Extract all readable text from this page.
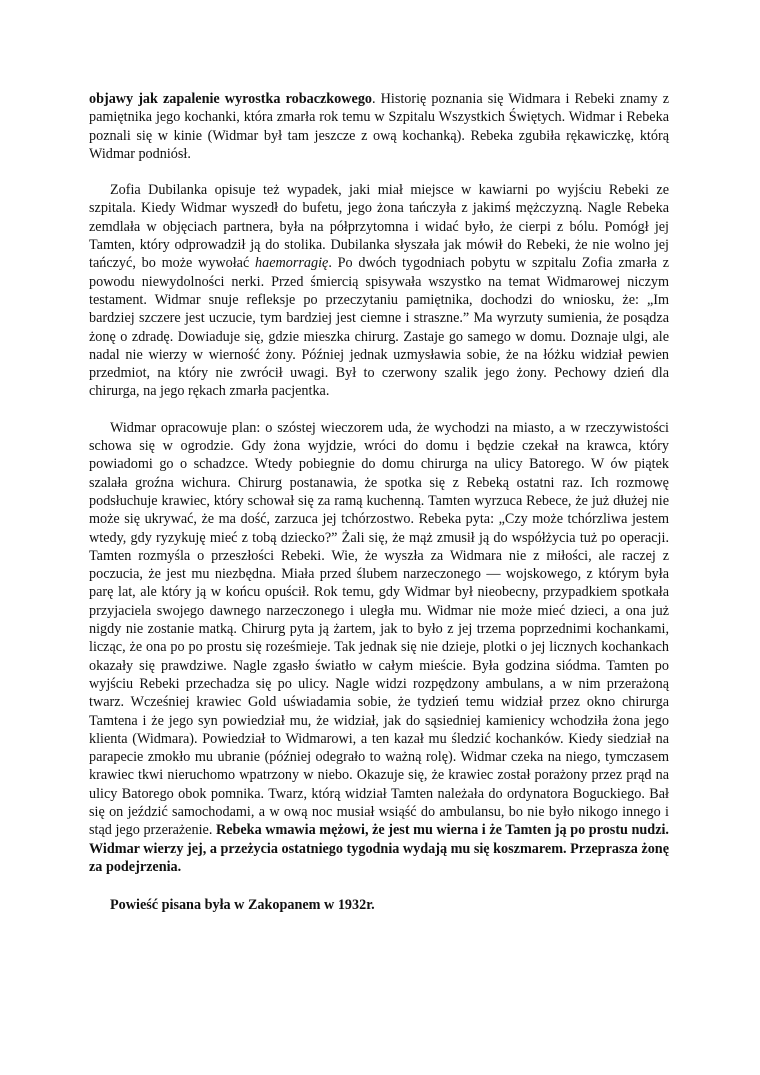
objawy jak zapalenie wyrostka robaczkowego. Historię poznania się Widmara i Rebeki znamy z pamiętnika jego kochanki, która zmarła rok temu w Szpitalu Wszystkich Świętych. Widmar i Rebeka poznali się w kinie (Widmar był tam jeszcze z ową kochanką). Rebeka zgubiła rękawiczkę, którą Widmar podniósł.

Zofia Dubilanka opisuje też wypadek, jaki miał miejsce w kawiarni po wyjściu Rebeki ze szpitala. Kiedy Widmar wyszedł do bufetu, jego żona tańczyła z jakimś mężczyzną. Nagle Rebeka zemdlała w objęciach partnera, była na półprzytomna i widać było, że cierpi z bólu. Pomógł jej Tamten, który odprowadził ją do stolika. Dubilanka słyszała jak mówił do Rebeki, że nie wolno jej tańczyć, bo może wywołać haemorragię. Po dwóch tygodniach pobytu w szpitalu Zofia zmarła z powodu niewydolności nerki. Przed śmiercią spisywała wszystko na temat Widmarowej niczym testament. Widmar snuje refleksje po przeczytaniu pamiętnika, dochodzi do wniosku, że: „Im bardziej szczere jest uczucie, tym bardziej jest ciemne i straszne.” Ma wyrzuty sumienia, że posądza żonę o zdradę. Dowiaduje się, gdzie mieszka chirurg. Zastaje go samego w domu. Doznaje ulgi, ale nadal nie wierzy w wierność żony. Później jednak uzmysławia sobie, że na łóżku widział pewien przedmiot, na który nie zwrócił uwagi. Był to czerwony szalik jego żony. Pechowy dzień dla chirurga, na jego rękach zmarła pacjentka.

Widmar opracowuje plan: o szóstej wieczorem uda, że wychodzi na miasto, a w rzeczywistości schowa się w ogrodzie. Gdy żona wyjdzie, wróci do domu i będzie czekał na krawca, który powiadomi go o schadzce. Wtedy pobiegnie do domu chirurga na ulicy Batorego. W ów piątek szalała groźna wichura. Chirurg postanawia, że spotka się z Rebeką ostatni raz. Ich rozmowę podsłuchuje krawiec, który schował się za ramą kuchenną. Tamten wyrzuca Rebece, że już dłużej nie może się ukrywać, że ma dość, zarzuca jej tchórzostwo. Rebeka pyta: „Czy może tchórzliwa jestem wtedy, gdy ryzykuję mieć z tobą dziecko?” Żali się, że mąż zmusił ją do współżycia tuż po operacji. Tamten rozmyśla o przeszłości Rebeki. Wie, że wyszła za Widmara nie z miłości, ale raczej z poczucia, że jest mu niezbędna. Miała przed ślubem narzeczonego — wojskowego, z którym była parę lat, ale który ją w końcu opuścił. Rok temu, gdy Widmar był nieobecny, przypadkiem spotkała przyjaciela swojego dawnego narzeczonego i uległa mu. Widmar nie może mieć dzieci, a ona już nigdy nie zostanie matką. Chirurg pyta ją żartem, jak to było z jej trzema poprzednimi kochankami, licząc, że ona po po prostu się roześmieje. Tak jednak się nie dzieje, plotki o jej licznych kochankach okazały się prawdziwe. Nagle zgasło światło w całym mieście. Była godzina siódma. Tamten po wyjściu Rebeki przechadza się po ulicy. Nagle widzi rozpędzony ambulans, a w nim przerażoną twarz. Wcześniej krawiec Gold uświadamia sobie, że tydzień temu widział przez okno chirurga Tamtena i że jego syn powiedział mu, że widział, jak do sąsiedniej kamienicy wchodziła żona jego klienta (Widmara). Powiedział to Widmarowi, a ten kazał mu śledzić kochanków. Kiedy siedział na parapecie zmokło mu ubranie (później odegrało to ważną rolę). Widmar czeka na niego, tymczasem krawiec tkwi nieruchomo wpatrzony w niebo. Okazuje się, że krawiec został porażony przez prąd na ulicy Batorego obok pomnika. Twarz, którą widział Tamten należała do ordynatora Boguckiego. Bał się on jeździć samochodami, a w ową noc musiał wsiąść do ambulansu, bo nie było nikogo innego i stąd jego przerażenie. Rebeka wmawia mężowi, że jest mu wierna i że Tamten ją po prostu nudzi. Widmar wierzy jej, a przeżycia ostatniego tygodnia wydają mu się koszmarem. Przeprasza żonę za podejrzenia.

Powieść pisana była w Zakopanem w 1932r.
